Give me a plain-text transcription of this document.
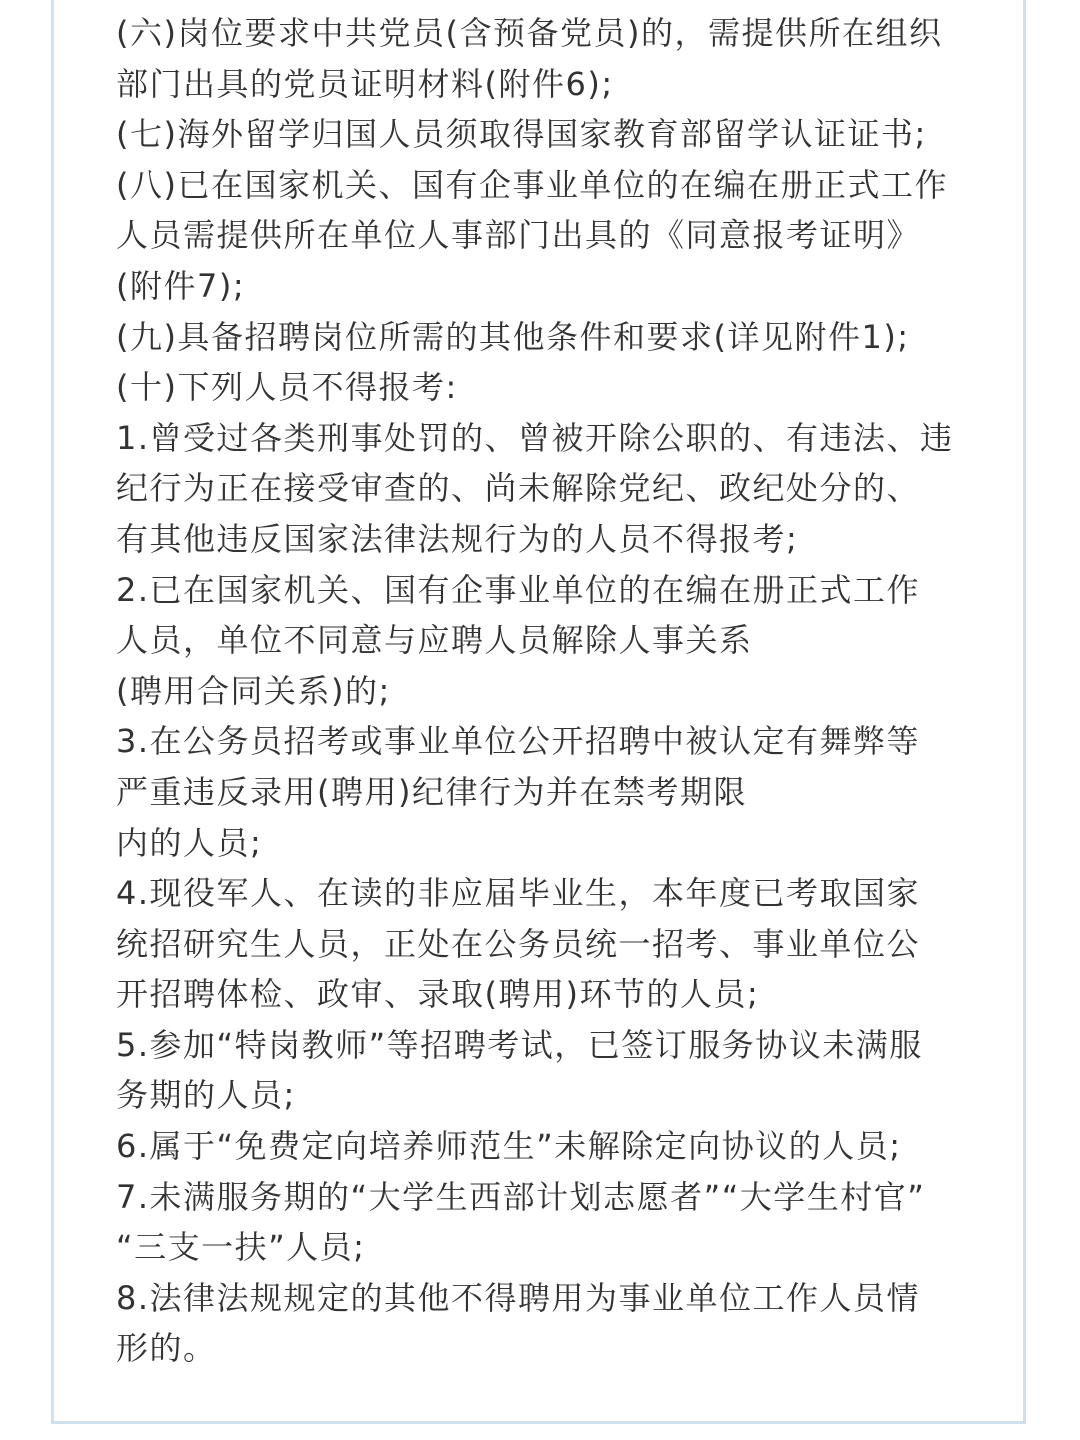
(六)岗位要求中共党员(含预备党员)的，需提供所在组织
部门出具的党员证明材料(附件6);
(七)海外留学归国人员须取得国家教育部留学认证证书;
(八)已在国家机关、国有企事业单位的在编在册正式工作
人员需提供所在单位人事部门出具的《同意报考证明》
(附件7);
(九)具备招聘岗位所需的其他条件和要求(详见附件1);
(十)下列人员不得报考:
1.曾受过各类刑事处罚的、曾被开除公职的、有违法、违
纪行为正在接受审查的、尚未解除党纪、政纪处分的、
有其他违反国家法律法规行为的人员不得报考;
2.已在国家机关、国有企事业单位的在编在册正式工作
人员，单位不同意与应聘人员解除人事关系
(聘用合同关系)的;
3.在公务员招考或事业单位公开招聘中被认定有舞弊等
严重违反录用(聘用)纪律行为并在禁考期限
内的人员;
4.现役军人、在读的非应届毕业生，本年度已考取国家
统招研究生人员，正处在公务员统一招考、事业单位公
开招聘体检、政审、录取(聘用)环节的人员;
5.参加“特岗教师”等招聘考试，已签订服务协议未满服
务期的人员;
6.属于“免费定向培养师范生”未解除定向协议的人员;
7.未满服务期的“大学生西部计划志愿者”“大学生村官”
“三支一扶”人员;
8.法律法规规定的其他不得聘用为事业单位工作人员情
形的。
